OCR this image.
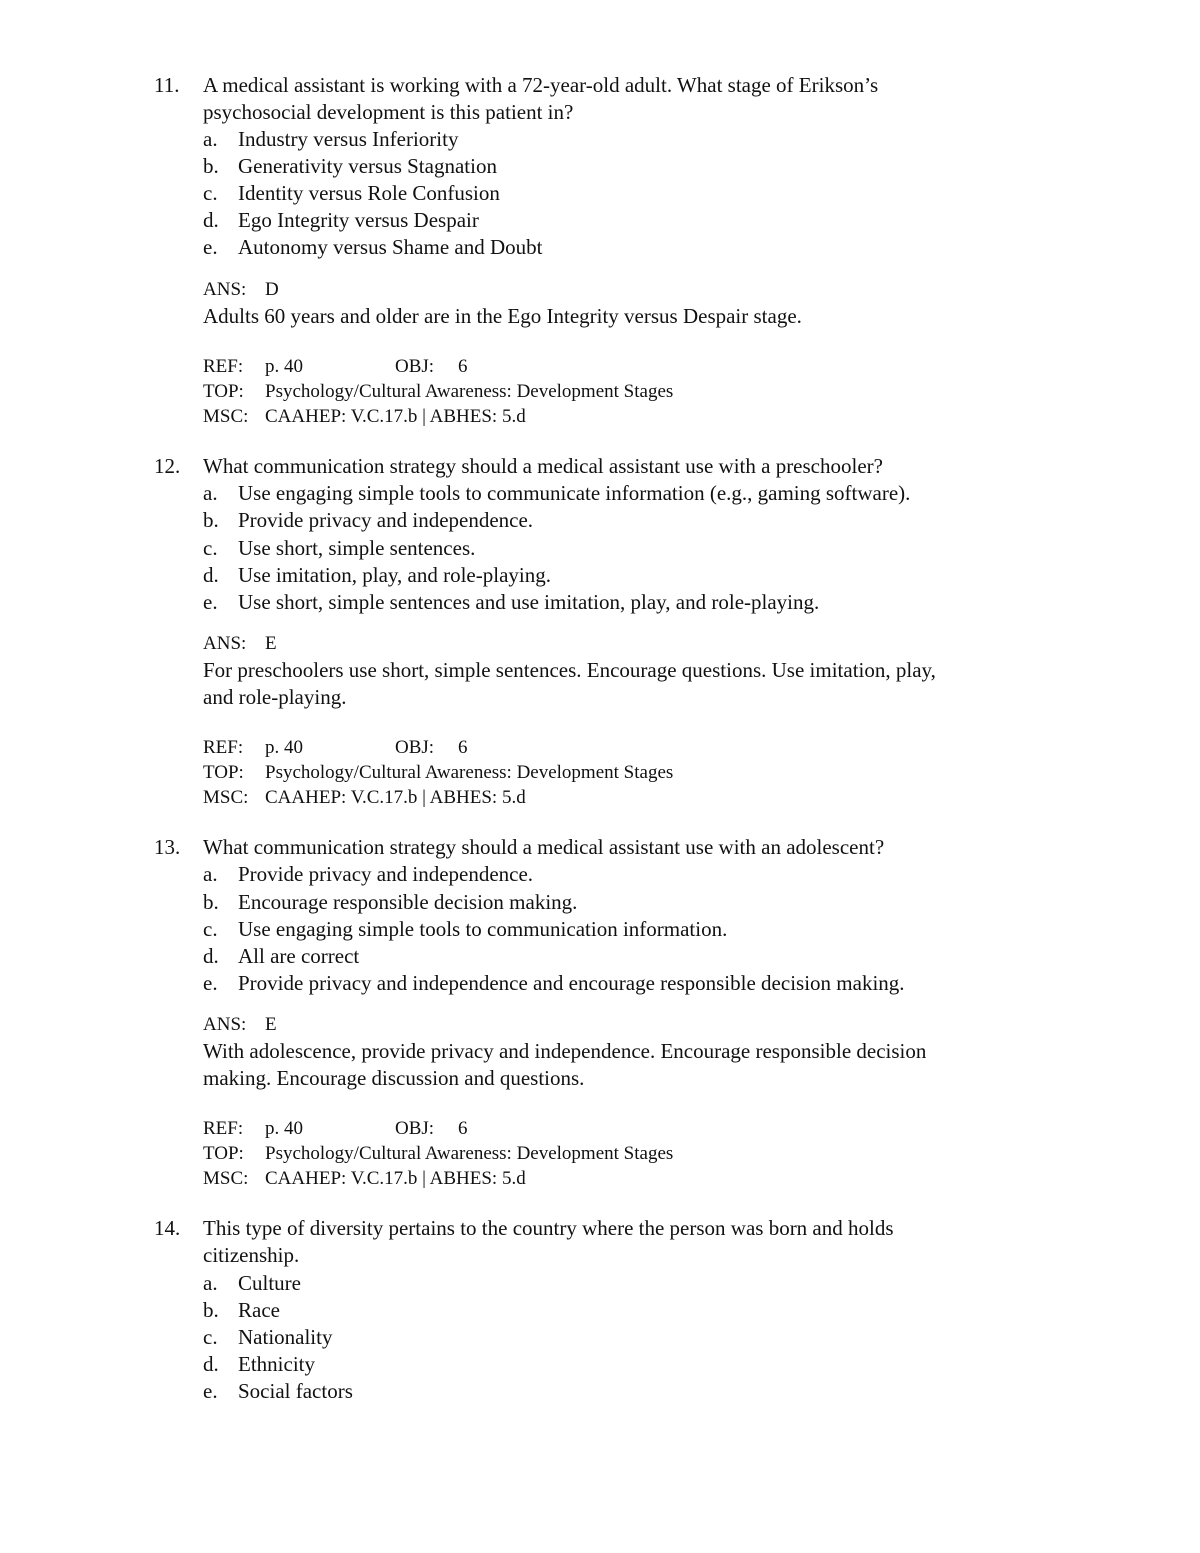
11. A medical assistant is working with a 72-year-old adult. What stage of Erikson’s
psychosocial development is this patient in?
a. Industry versus Inferiority
b. Generativity versus Stagnation
c. Identity versus Role Confusion
d. Ego Integrity versus Despair
e. Autonomy versus Shame and Doubt
ANS: D
Adults 60 years and older are in the Ego Integrity versus Despair stage.
REF: p. 40	OBJ: 6
TOP: Psychology/Cultural Awareness: Development Stages
MSC: CAAHEP: V.C.17.b | ABHES: 5.d
12. What communication strategy should a medical assistant use with a preschooler?
a. Use engaging simple tools to communicate information (e.g., gaming software).
b. Provide privacy and independence.
c. Use short, simple sentences.
d. Use imitation, play, and role-playing.
e. Use short, simple sentences and use imitation, play, and role-playing.
ANS: E
For preschoolers use short, simple sentences. Encourage questions. Use imitation, play,
and role-playing.
REF: p. 40	OBJ: 6
TOP: Psychology/Cultural Awareness: Development Stages
MSC: CAAHEP: V.C.17.b | ABHES: 5.d
13. What communication strategy should a medical assistant use with an adolescent?
a. Provide privacy and independence.
b. Encourage responsible decision making.
c. Use engaging simple tools to communication information.
d. All are correct
e. Provide privacy and independence and encourage responsible decision making.
ANS: E
With adolescence, provide privacy and independence. Encourage responsible decision
making. Encourage discussion and questions.
REF: p. 40	OBJ: 6
TOP: Psychology/Cultural Awareness: Development Stages
MSC: CAAHEP: V.C.17.b | ABHES: 5.d
14. This type of diversity pertains to the country where the person was born and holds
citizenship.
a. Culture
b. Race
c. Nationality
d. Ethnicity
e. Social factors
